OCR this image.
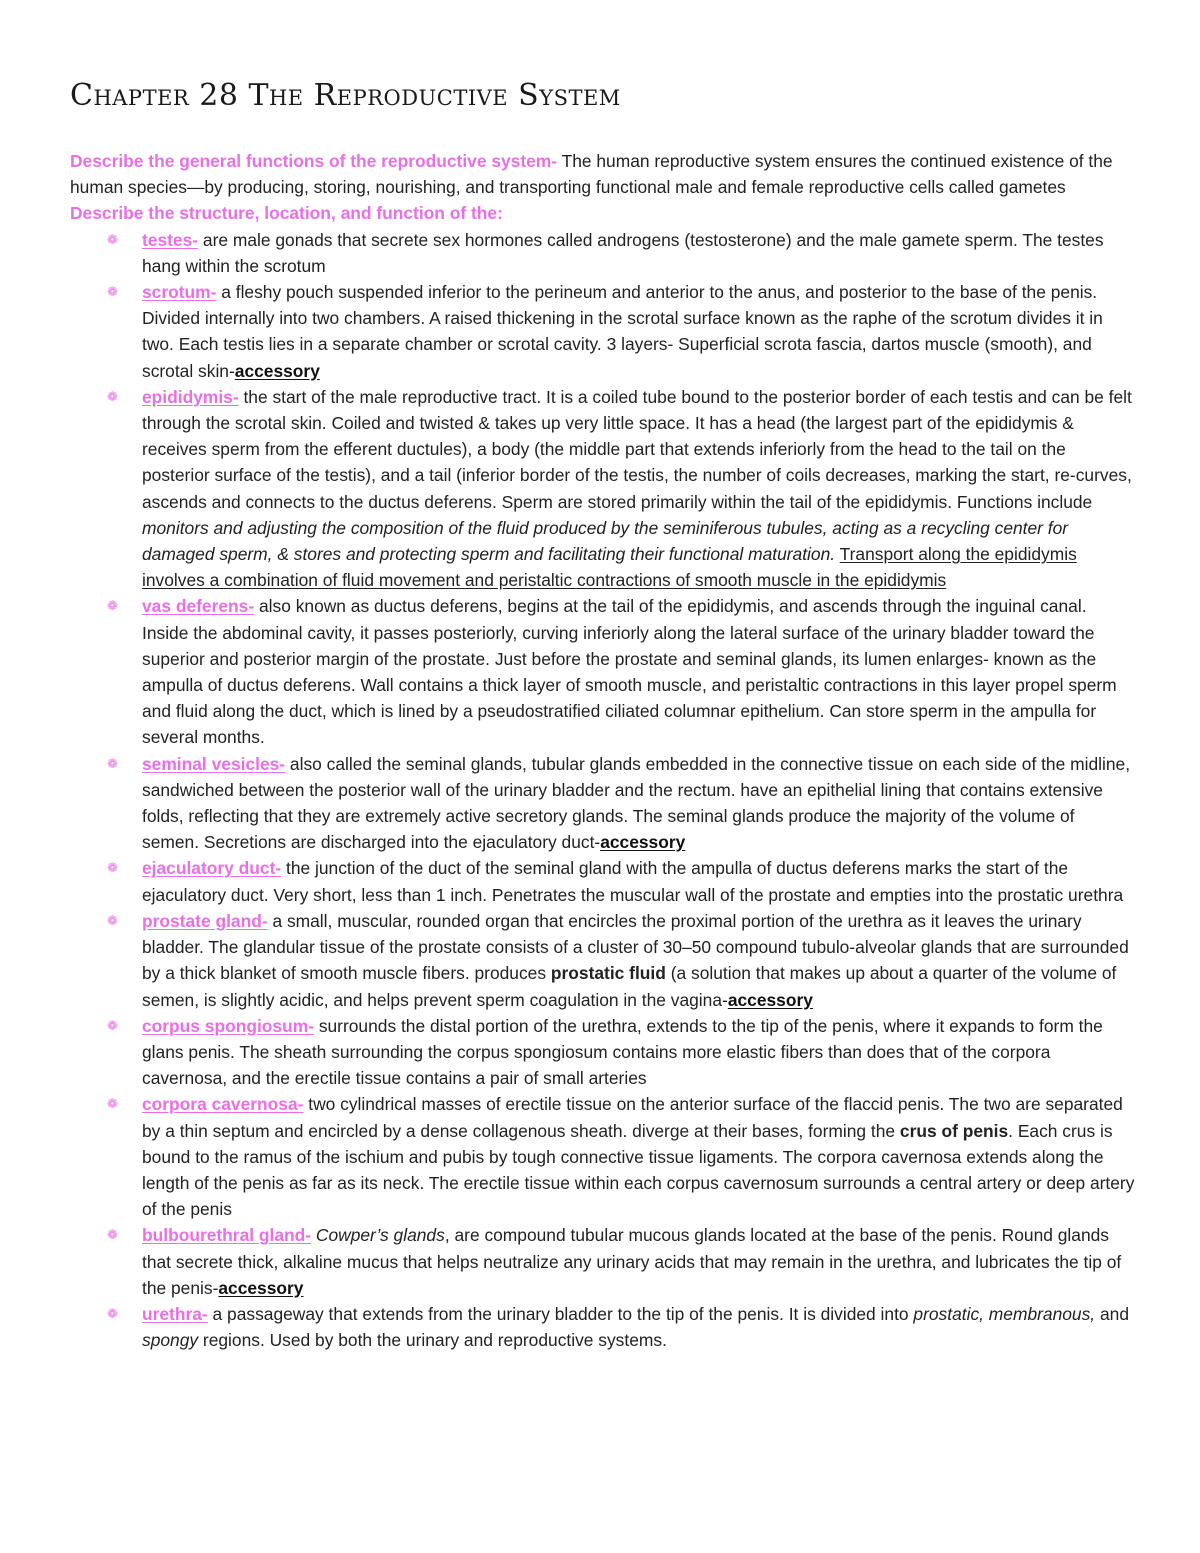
Chapter 28 The Reproductive System

Describe the general functions of the reproductive system- The human reproductive system ensures the continued existence of the human species—by producing, storing, nourishing, and transporting functional male and female reproductive cells called gametes

Describe the structure, location, and function of the:

❁ testes- are male gonads that secrete sex hormones called androgens (testosterone) and the male gamete sperm. The testes hang within the scrotum
❁ scrotum- a fleshy pouch suspended inferior to the perineum and anterior to the anus, and posterior to the base of the penis. Divided internally into two chambers. A raised thickening in the scrotal surface known as the raphe of the scrotum divides it in two. Each testis lies in a separate chamber or scrotal cavity. 3 layers- Superficial scrota fascia, dartos muscle (smooth), and scrotal skin-accessory
❁ epididymis- the start of the male reproductive tract. It is a coiled tube bound to the posterior border of each testis and can be felt through the scrotal skin. Coiled and twisted & takes up very little space. It has a head (the largest part of the epididymis & receives sperm from the efferent ductules), a body (the middle part that extends inferiorly from the head to the tail on the posterior surface of the testis), and a tail (inferior border of the testis, the number of coils decreases, marking the start, re-curves, ascends and connects to the ductus deferens. Sperm are stored primarily within the tail of the epididymis. Functions include monitors and adjusting the composition of the fluid produced by the seminiferous tubules, acting as a recycling center for damaged sperm, & stores and protecting sperm and facilitating their functional maturation. Transport along the epididymis involves a combination of fluid movement and peristaltic contractions of smooth muscle in the epididymis
❁ vas deferens- also known as ductus deferens, begins at the tail of the epididymis, and ascends through the inguinal canal. Inside the abdominal cavity, it passes posteriorly, curving inferiorly along the lateral surface of the urinary bladder toward the superior and posterior margin of the prostate. Just before the prostate and seminal glands, its lumen enlarges- known as the ampulla of ductus deferens. Wall contains a thick layer of smooth muscle, and peristaltic contractions in this layer propel sperm and fluid along the duct, which is lined by a pseudostratified ciliated columnar epithelium. Can store sperm in the ampulla for several months.
❁ seminal vesicles- also called the seminal glands, tubular glands embedded in the connective tissue on each side of the midline, sandwiched between the posterior wall of the urinary bladder and the rectum. have an epithelial lining that contains extensive folds, reflecting that they are extremely active secretory glands. The seminal glands produce the majority of the volume of semen. Secretions are discharged into the ejaculatory duct-accessory
❁ ejaculatory duct- the junction of the duct of the seminal gland with the ampulla of ductus deferens marks the start of the ejaculatory duct. Very short, less than 1 inch. Penetrates the muscular wall of the prostate and empties into the prostatic urethra
❁ prostate gland- a small, muscular, rounded organ that encircles the proximal portion of the urethra as it leaves the urinary bladder. The glandular tissue of the prostate consists of a cluster of 30–50 compound tubulo-alveolar glands that are surrounded by a thick blanket of smooth muscle fibers. produces prostatic fluid (a solution that makes up about a quarter of the volume of semen, is slightly acidic, and helps prevent sperm coagulation in the vagina-accessory
❁ corpus spongiosum- surrounds the distal portion of the urethra, extends to the tip of the penis, where it expands to form the glans penis. The sheath surrounding the corpus spongiosum contains more elastic fibers than does that of the corpora cavernosa, and the erectile tissue contains a pair of small arteries
❁ corpora cavernosa- two cylindrical masses of erectile tissue on the anterior surface of the flaccid penis. The two are separated by a thin septum and encircled by a dense collagenous sheath. diverge at their bases, forming the crus of penis. Each crus is bound to the ramus of the ischium and pubis by tough connective tissue ligaments. The corpora cavernosa extends along the length of the penis as far as its neck. The erectile tissue within each corpus cavernosum surrounds a central artery or deep artery of the penis
❁ bulbourethral gland- Cowper’s glands, are compound tubular mucous glands located at the base of the penis. Round glands that secrete thick, alkaline mucus that helps neutralize any urinary acids that may remain in the urethra, and lubricates the tip of the penis-accessory
❁ urethra- a passageway that extends from the urinary bladder to the tip of the penis. It is divided into prostatic, membranous, and spongy regions. Used by both the urinary and reproductive systems.
